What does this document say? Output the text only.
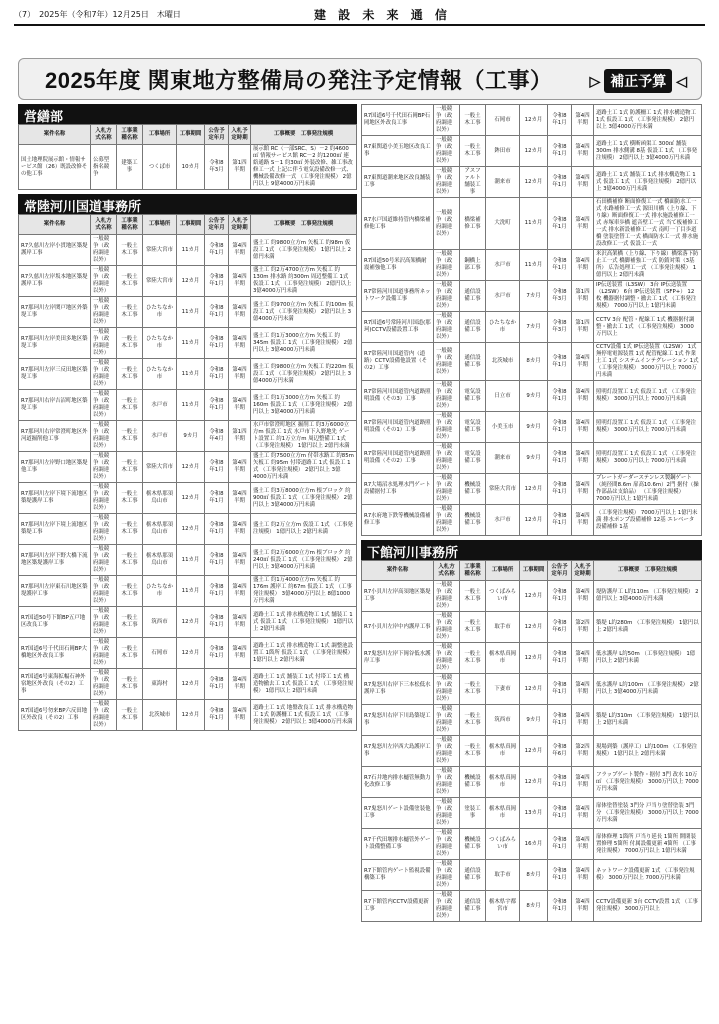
（7）　2025年（令和7年）12月25日　木曜日	建 設 未 来 通 信
2025年度 関東地方整備局の発注予定情報（工事）	▷ 補正予算 ◁
営繕部
案件名称	入札方式名称	工事業種名称	工事場所	工事期間	公告予定年月	入札予定時期	工事概要　工事発注規模
国土地理院展示館・情報サービス館（26）既設改修その他工事	公募型指名競争	建築工事	つくば市	10カ月	令和8年3月	第1四半期	展示館 RC（一部SRC、S）－2 約4600㎡ 情報サービス館 RC－2 約1200㎡ 連絡通路 S－1 約30㎡ 外装改修、雑工事改修工一式 上記に伴う電気設備改修一式、機械設備改修一式 （工事発注規模） 2億円以上 9億4000万円未満
常陸河川国道事務所
案件名称	入札方式名称	工事業種名称	工事場所	工事期間	公告予定年月	入札予定時期	工事概要　工事発注規模
R7久慈川左岸小貫地区築堤護岸工事	一般競争（政府調達以外）	一般土木工事	常陸大宮市	11カ月	令和8年1月	第4四半期	盛土工 約9800立方m 矢板工 約98m 仮設工 1式 （工事発注規模） 1億円以上 2億円未満
R7久慈川左岸坂本地区築堤護岸工事	一般競争（政府調達以外）	一般土木工事	常陸大宮市	12カ月	令和8年1月	第4四半期	盛土工 約2万4700立方m 矢板工 約130m 排水路 約300m 周辺整備工 1式 仮設工 1式 （工事発注規模） 2億円以上 3億4000万円未満
R7那珂川左岸関戸地区外築堤工事	一般競争（政府調達以外）	一般土木工事	ひたちなか市	11カ月	令和8年1月	第4四半期	盛土工 約9700立方m 矢板工 約100m 仮設工 1式 （工事発注規模） 2億円以上 3億4000万円未満
R7那珂川左岸美田多地区築堤工事	一般競争（政府調達以外）	一般土木工事	ひたちなか市	11カ月	令和8年1月	第4四半期	盛土工 約1万3000立方m 矢板工 約345m 仮設工 1式 （工事発注規模） 2億円以上 3億4000万円未満
R7那珂川左岸三反田地区築堤工事	一般競争（政府調達以外）	一般土木工事	ひたちなか市	11カ月	令和8年1月	第4四半期	盛土工 約9800立方m 矢板工 約220m 仮設工 1式 （工事発注規模） 2億円以上 3億4000万円未満
R7那珂川右岸吉沼町地区築堤工事	一般競争（政府調達以外）	一般土木工事	水戸市	11カ月	令和8年1月	第4四半期	盛土工 約1万3000立方m 矢板工 約160m 仮設工 1式 （工事発注規模） 2億円以上 3億4000万円未満
R7那珂川右岸常澄町地区外河道掘削他工事	一般競争（政府調達以外）	一般土木工事	水戸市	9カ月	令和8年4月	第1四半期	水戸市常澄町地区 掘削工 約3万6000立方m 仮設工 1式 水戸市下入野地先 ゲート設置工 約1万立方m 周辺整備工 1式 （工事発注規模） 1億円以上 2億円未満
R7那珂川左岸野口地区築堤他工事	一般競争（政府調達以外）	一般土木工事	常陸大宮市	12カ月	令和8年1月	第4四半期	盛土工 約7500立方m 付帯水路工 約85m 矢板工 約95m 付帯道路工 1式 仮設工 1式 （工事発注規模） 2億円以上 3億4000万円未満
R7那珂川左岸下境下流地区築堤護岸工事	一般競争（政府調達以外）	一般土木工事	栃木県那須烏山市	12カ月	令和8年1月	第4四半期	盛土工 約3万8000立方m 根ブロック 約900㎡ 仮設工 1式 （工事発注規模） 2億円以上 3億4000万円未満
R7那珂川左岸下境上流地区築堤工事	一般競争（政府調達以外）	一般土木工事	栃木県那須烏山市	12カ月	令和8年1月	第4四半期	盛土工 約2万立方m 仮設工 1式 （工事発注規模） 1億円以上 2億円未満
R7那珂川左岸下野大橋下流地区築堤護岸工事	一般競争（政府調達以外）	一般土木工事	栃木県那須烏山市	11カ月	令和8年1月	第4四半期	盛土工 約2万6000立方m 根ブロック 約240㎡ 仮設工 1式 （工事発注規模） 2億円以上 3億4000万円未満
R7那珂川左岸東石川地区築堤護岸工事	一般競争（政府調達以外）	一般土木工事	ひたちなか市	11カ月	令和8年1月	第4四半期	盛土工 約1万4000立方m 矢板工 約176m 護岸工 約67m 仮設工 1式 （工事発注規模） 3億4000万円以上 8億1000万円未満
R7国道50号下館BP五戸地区改良工事	一般競争（政府調達以外）	一般土木工事	筑西市	12カ月	令和8年1月	第4四半期	道路土工 1式 排水構造物工 1式 舗装工 1式 仮設工 1式 （工事発注規模） 1億円以上 2億円未満
R7国道6号千代田石岡BP大橋地区外改良工事	一般競争（政府調達以外）	一般土木工事	石岡市	12カ月	令和8年1月	第4四半期	道路土工 1式 排水構造物工 1式 調整池設置工 1箇所 仮設工 1式 （工事発注規模） 1億円以上 2億円未満
R7国道6号東海拡幅石神外宿地区外改良（その2）工事	一般競争（政府調達以外）	一般土木工事	東海村	12カ月	令和8年1月	第4四半期	道路土工 1式 舗装工 1式 付帯工 1式 構造物撤去工 1式 仮設工 1式 （工事発注規模） 1億円以上 2億円未満
R7国道6号勿来BP六反田地区外改良（その2）工事	一般競争（政府調達以外）	一般土木工事	北茨城市	12カ月	令和8年1月	第4四半期	道路土工 1式 地盤改良工 1式 排水構造物工 1式 防護柵工 1式 仮設工 1式 （工事発注規模） 2億円以上 3億4000万円未満
R7国道6号千代田石岡BP石岡地区外改良工事	一般競争（政府調達以外）	一般土木工事	石岡市	12カ月	令和8年1月	第4四半期	道路土工 1式 防護柵工 1式 排水構造物工 1式 仮設工 1式 （工事発注規模） 2億円以上 3億4000万円未満
R7東関道小美玉地区改良工事	一般競争（政府調達以外）	一般土木工事	鉾田市	12カ月	令和8年1月	第4四半期	道路土工 1式 横断函渠工 300㎡ 舗装 300m 排水側溝 8基 仮設工 1式 （工事発注規模） 2億円以上 3億4000万円未満
R7東関道潮来地区改良舗装工事	一般競争（政府調達以外）	アスファルト舗装工事	潮来市	12カ月	令和8年1月	第4四半期	道路土工 1式 舗装工 1式 排水構造物工 1式 仮設工 1式 （工事発注規模） 2億円以上 3億4000万円未満
R7水戸国道維持管内橋梁補修他工事	一般競争（政府調達以外）	橋梁補修工事	大洗町	11カ月	令和8年1月	第4四半期	石田橋補修 断面修復工一式 橋面防水工一式 水路補修工一式 源田川橋（上り線、下り線）断面修復工一式 排水施設補修工一式 赤塚車歩橋 遮音壁工一式 当て板補修工一式 排水新設補修工一式 南町一丁目歩道橋 塗装塗替工一式 橋面防水工一式 排水施設改修工一式 仮設工一式
R7国道50号米沢高架橋耐震補強他工事	一般競争（政府調達以外）	鋼橋上部工事	水戸市	11カ月	令和8年1月	第4四半期	米沢高架橋（上り線、下り線）橋梁落下防止工一式 橋脚補強工一式 防錆対策（3基所） 広告処理工一式 （工事発注規模） 1億円以上 2億円未満
R7常陸河川国道事務所ネットワーク設備工事	一般競争（政府調達以外）	通信設備工事	水戸市	7カ月	令和8年3月	第1四半期	IP伝送装置（L3SW） 3台 IP伝送装置（L2SW） 6台 IP伝送装置（SFP+） 12枚 機器据付調整・撤去工 1式 （工事発注規模） 7000万円以上 1億円未満
R7国道6号常陸河川国道(那珂)CCTV設備設置工事	一般競争（政府調達以外）	通信設備工事	ひたちなか市	7カ月	令和8年3月	第1四半期	CCTV 3台 配管・配線工 1式 機器据付調整・撤去工 1式 （工事発注規模） 3000万円以上
R7常陸河川国道管内（道路）CCTV設備他設置（その2）工事	一般競争（政府調達以外）	通信設備工事	北茨城市	8カ月	令和8年1月	第4四半期	CCTV設備 1式 IP伝送装置（L2SW） 1式 無停電電源装置 1式 配管配線工 1式 作業土工 1式 システムインテグレーション 1式 （工事発注規模） 3000万円以上 7000万円未満
R7常陸河川国道管内道路照明設備（その3）工事	一般競争（政府調達以外）	電気設備工事	日立市	9カ月	令和8年1月	第4四半期	照明灯設置工 1式 仮設工 1式 （工事発注規模） 3000万円以上 7000万円未満
R7常陸河川国道管内道路照明設備（その1）工事	一般競争（政府調達以外）	電気設備工事	小美玉市	9カ月	令和8年1月	第4四半期	照明灯設置工 1式 仮設工 1式 （工事発注規模） 3000万円以上 7000万円未満
R7常陸河川国道管内道路照明設備（その2）工事	一般競争（政府調達以外）	電気設備工事	潮来市	9カ月	令和8年1月	第4四半期	照明灯設置工 1式 仮設工 1式 （工事発注規模） 3000万円以上 7000万円未満
R7大場沼水処理水門ゲート設備据付工事	一般競争（政府調達以外）	機械設備工事	常陸大宮市	12カ月	令和8年1月	第4四半期	プレートガーダーステンレス製鋼ゲート（純径間8.6m 扉高10.6m）2門 据付（操作部品は支給品） （工事発注規模） 7000万円以上 1億円未満
R7水府地下鉄等機械設備補修工事	一般競争（政府調達以外）	機械設備工事	水戸市	12カ月	令和8年1月	第4四半期	（工事発注規模） 7000万円以上 1億円未満 排水ポンプ設備補修 12基 エレベータ設備補修 1基
下館河川事務所
案件名称	入札方式名称	工事業種名称	工事場所	工事期間	公告予定年月	入札予定時期	工事概要　工事発注規模
R7小貝川左岸高須地区築堤工事	一般競争（政府調達以外）	一般土木工事	つくばみらい市	12カ月	令和8年1月	第4四半期	堤防護岸工 L約110m （工事発注規模） 2億円以上 3億4000万円未満
R7小貝川左岸中内護岸工事	一般競争（政府調達以外）	一般土木工事	取手市	12カ月	令和8年6月	第2四半期	築堤 L約280m （工事発注規模） 1億円以上 2億円未満
R7鬼怒川左岸下岡谷低水護岸工事	一般競争（政府調達以外）	一般土木工事	栃木県真岡市	12カ月	令和8年1月	第4四半期	低水護岸 L約50m （工事発注規模） 1億円以上 2億円未満
R7鬼怒川右岸下三本松低水護岸工事	一般競争（政府調達以外）	一般土木工事	下妻市	12カ月	令和8年1月	第4四半期	低水護岸 L約100m （工事発注規模） 2億円以上 3億4000万円未満
R7鬼怒川右岸下川島築堤工事	一般競争（政府調達以外）	一般土木工事	筑西市	9カ月	令和8年1月	第4四半期	築堤 L約310m （工事発注規模） 1億円以上 2億円未満
R7鬼怒川左岸西大島護岸工事	一般競争（政府調達以外）	一般土木工事	栃木県真岡市	12カ月	令和8年6月	第2四半期	現場到築（護岸工）L約100m （工事発注規模） 1億円以上 2億円未満
R7石井地内排水樋管無動力化改修工事	一般競争（政府調達以外）	機械設備工事	栃木県真岡市	12カ月	令和8年1月	第4四半期	フラップゲート製作・据付 3門 改水 10万㎡ （工事発注規模） 3000万円以上 7000万円未満
R7鬼怒川ゲート設備塗装他工事	一般競争（政府調達以外）	塗装工事	栃木県真岡市	13カ月	令和8年1月	第4四半期	扉体塗替塗装 3門分 戸当り塗替塗装 3門分 （工事発注規模） 3000万円以上 7000万円未満
R7千代田堰排水樋管外ゲート設備整備工事	一般競争（政府調達以外）	機械設備工事	つくばみらい市	16カ月	令和8年1月	第4四半期	扉体修理 1箇所 戸当り延長 1箇所 開閉装置修理 5箇所 付属設備更新 4箇所 （工事発注規模） 7000万円以上 1億円未満
R7下館管内ゲート監視設備構築工事	一般競争（政府調達以外）	通信設備工事	取手市	8カ月	令和8年1月	第4四半期	ネットワーク設備更新 1式 （工事発注規模） 3000万円以上 7000万円未満
R7下館管内CCTV設備更新工事	一般競争（政府調達以外）	通信設備工事	栃木県宇都宮市	8カ月	令和8年1月	第4四半期	CCTV設備更新 3台 CCTV設置 1式 （工事発注規模） 3000万円以上
